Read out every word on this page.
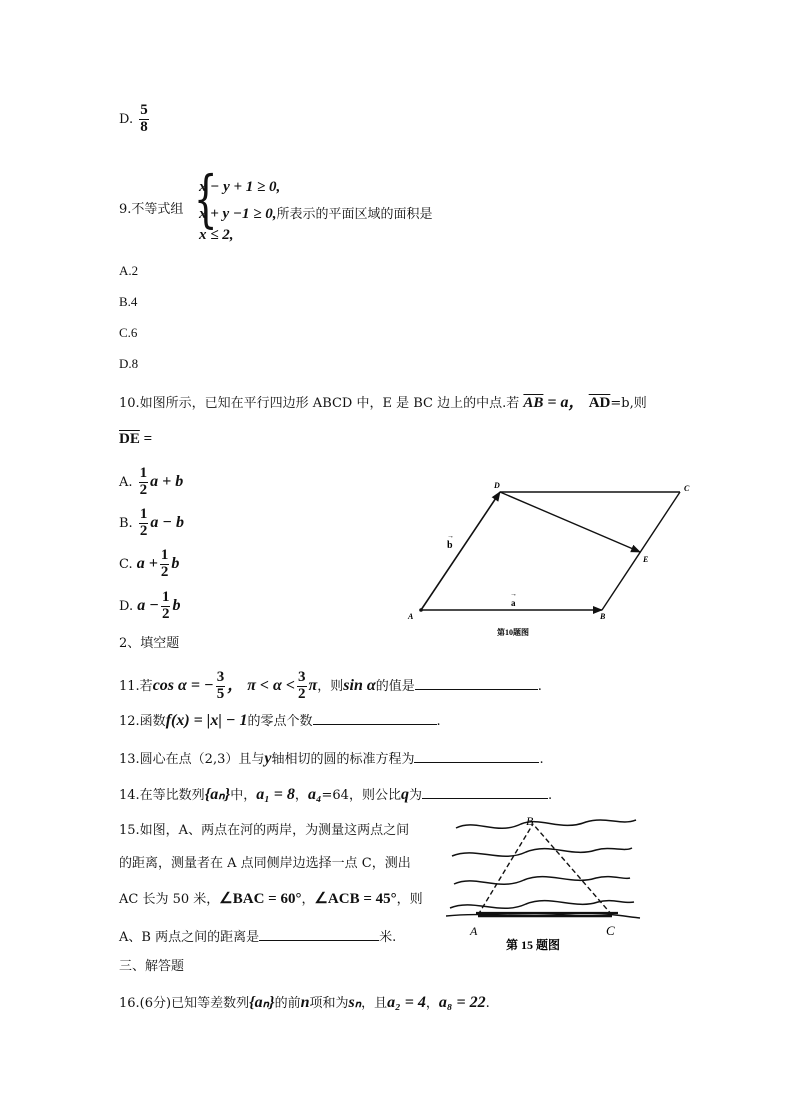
D. $\frac{5}{8}$
9.不等式组 {
x − y + 1 ≥ 0,
x + y −1 ≥ 0,所表示的平面区域的面积是
x ≤ 2,
A.2
B.4
C.6
D.8
10.如图所示，已知在平行四边形 ABCD 中，E 是 BC 边上的中点.若 $\overline{AB} = a$， $\overline{AD}=b$,则
$\overline{DE}$ =
A. $\frac{1}{2}$ a + b
B. $\frac{1}{2}$ a − b
C. $a + \frac{1}{2}$ b
D. $a - \frac{1}{2}$ b
A	B
C
D
E
→
b
→
a
第10题图
2、填空题
11.若cos α = − $\frac{3}{5}$ ， $\pi < \alpha < \frac{3}{2}$ π，则sin α的值是	.
12.函数f(x) = |x| − 1的零点个数	.
13.圆心在点（2,3）且与y轴相切的圆的标准方程为	.
14.在等比数列{aₙ}中，a₁ = 8，a₄=64，则公比q为	.
15.如图，A、两点在河的两岸，为测量这两点之间
的距离，测量者在 A 点同侧岸边选择一点 C，测出
AC 长为 50 米，∠BAC = 60°，∠ACB = 45°，则
A、B 两点之间的距离是	米.
B
A	C
第 15 题图
三、解答题
16.(6分)已知等差数列{aₙ}的前n项和为sₙ，且a₂ = 4，a₈ = 22.
